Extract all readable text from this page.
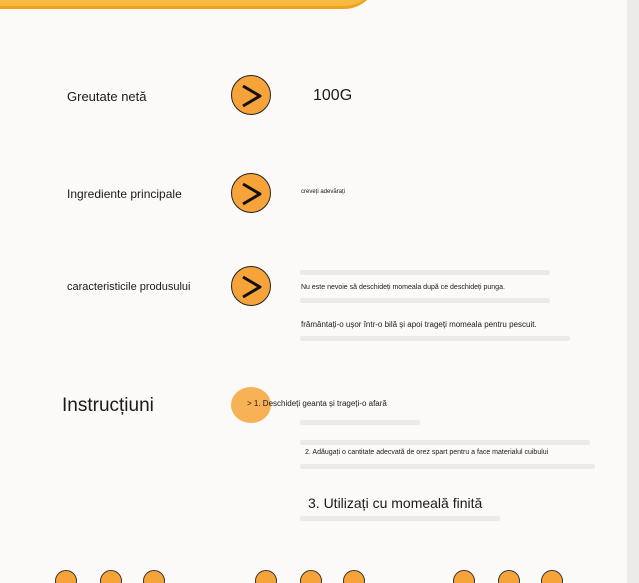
Greutate netă	100G
Ingrediente principale	creveți adevărați
caracteristicile produsului	Nu este nevoie să deschideți momeala după ce deschideți punga.
frământați-o ușor într-o bilă și apoi trageți momeala pentru pescuit.
Instrucțiuni	> 1. Deschideți geanta și trageți-o afară
2. Adăugați o cantitate adecvată de orez spart pentru a face materialul cuibului
3. Utilizați cu momeală finită
